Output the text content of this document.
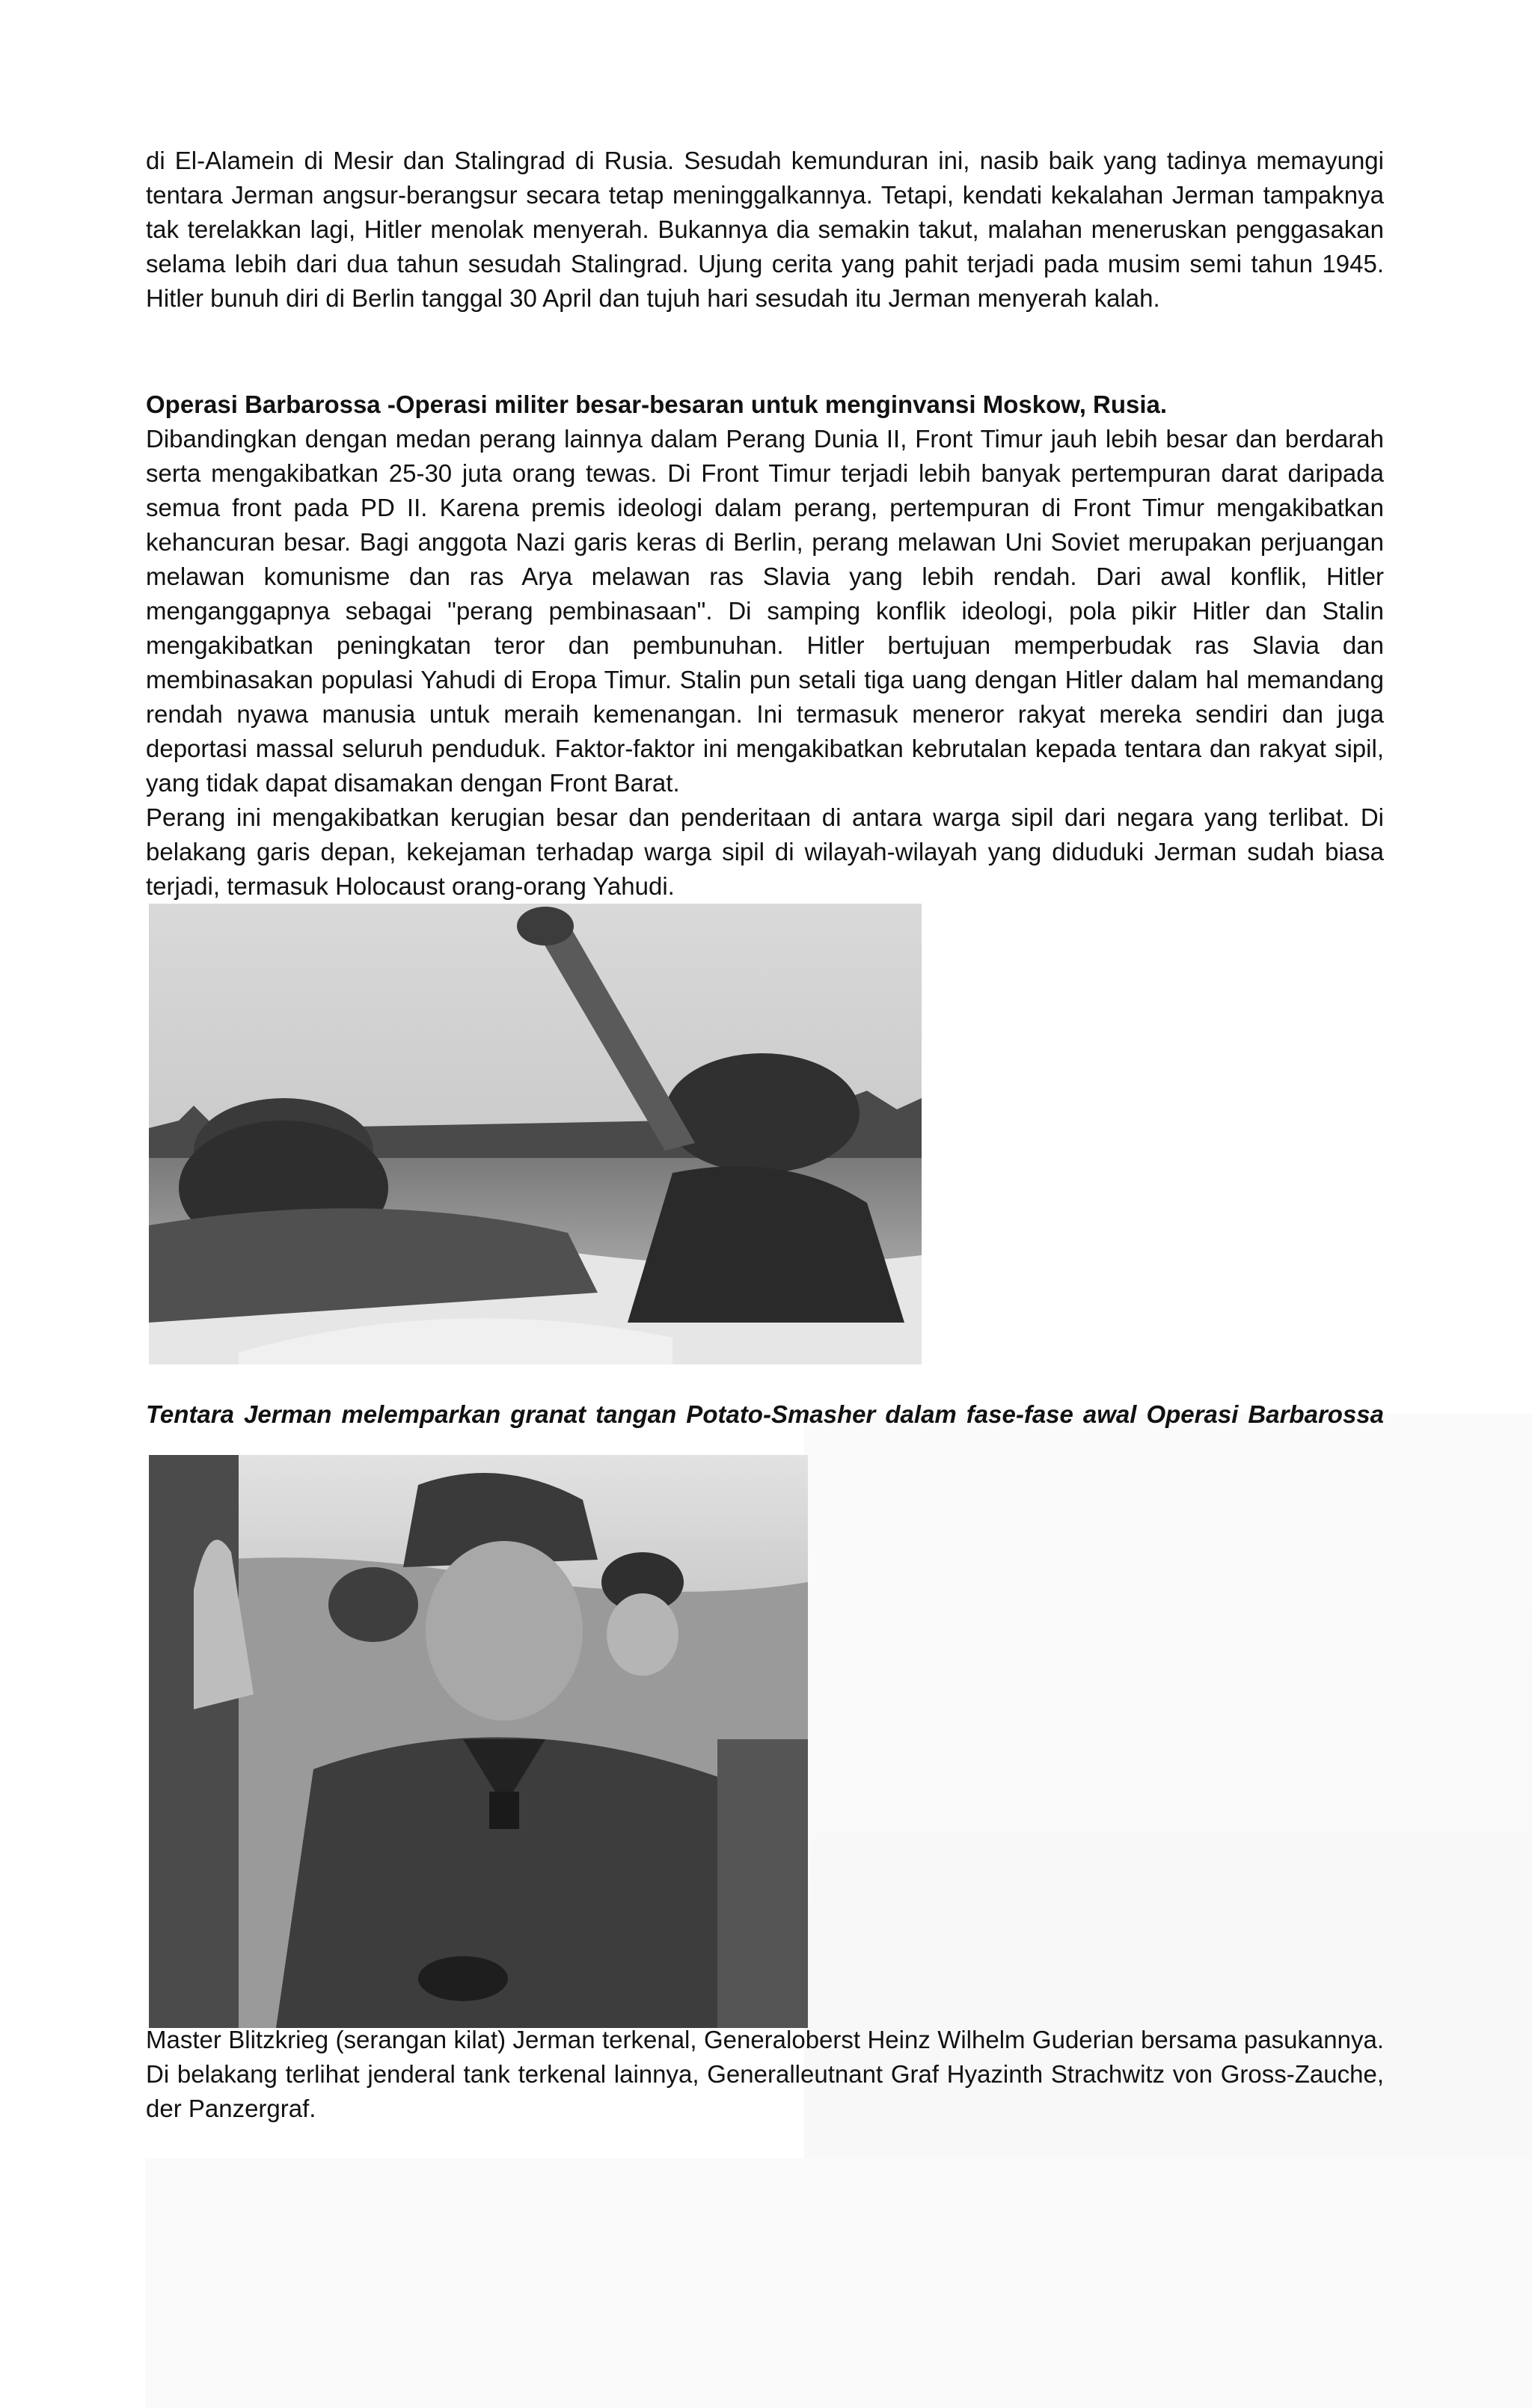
di El-Alamein di Mesir dan Stalingrad di Rusia. Sesudah kemunduran ini, nasib baik yang tadinya memayungi tentara Jerman angsur-berangsur secara tetap meninggalkannya. Tetapi, kendati kekalahan Jerman tampaknya tak terelakkan lagi, Hitler menolak menyerah. Bukannya dia semakin takut, malahan meneruskan penggasakan selama lebih dari dua tahun sesudah Stalingrad. Ujung cerita yang pahit terjadi pada musim semi tahun 1945. Hitler bunuh diri di Berlin tanggal 30 April dan tujuh hari sesudah itu Jerman menyerah kalah.

Operasi Barbarossa -Operasi militer besar-besaran untuk menginvansi Moskow, Rusia.

Dibandingkan dengan medan perang lainnya dalam Perang Dunia II, Front Timur jauh lebih besar dan berdarah serta mengakibatkan 25-30 juta orang tewas. Di Front Timur terjadi lebih banyak pertempuran darat daripada semua front pada PD II. Karena premis ideologi dalam perang, pertempuran di Front Timur mengakibatkan kehancuran besar. Bagi anggota Nazi garis keras di Berlin, perang melawan Uni Soviet merupakan perjuangan melawan komunisme dan ras Arya melawan ras Slavia yang lebih rendah. Dari awal konflik, Hitler menganggapnya sebagai "perang pembinasaan". Di samping konflik ideologi, pola pikir Hitler dan Stalin mengakibatkan peningkatan teror dan pembunuhan. Hitler bertujuan memperbudak ras Slavia dan membinasakan populasi Yahudi di Eropa Timur. Stalin pun setali tiga uang dengan Hitler dalam hal memandang rendah nyawa manusia untuk meraih kemenangan. Ini termasuk meneror rakyat mereka sendiri dan juga deportasi massal seluruh penduduk. Faktor-faktor ini mengakibatkan kebrutalan kepada tentara dan rakyat sipil, yang tidak dapat disamakan dengan Front Barat.

Perang ini mengakibatkan kerugian besar dan penderitaan di antara warga sipil dari negara yang terlibat. Di belakang garis depan, kekejaman terhadap warga sipil di wilayah-wilayah yang diduduki Jerman sudah biasa terjadi, termasuk Holocaust orang-orang Yahudi.

Tentara Jerman melemparkan granat tangan Potato-Smasher dalam fase-fase awal Operasi Barbarossa

Master Blitzkrieg (serangan kilat) Jerman terkenal, Generaloberst Heinz Wilhelm Guderian bersama pasukannya. Di belakang terlihat jenderal tank terkenal lainnya, Generalleutnant Graf Hyazinth Strachwitz von Gross-Zauche, der Panzergraf.
